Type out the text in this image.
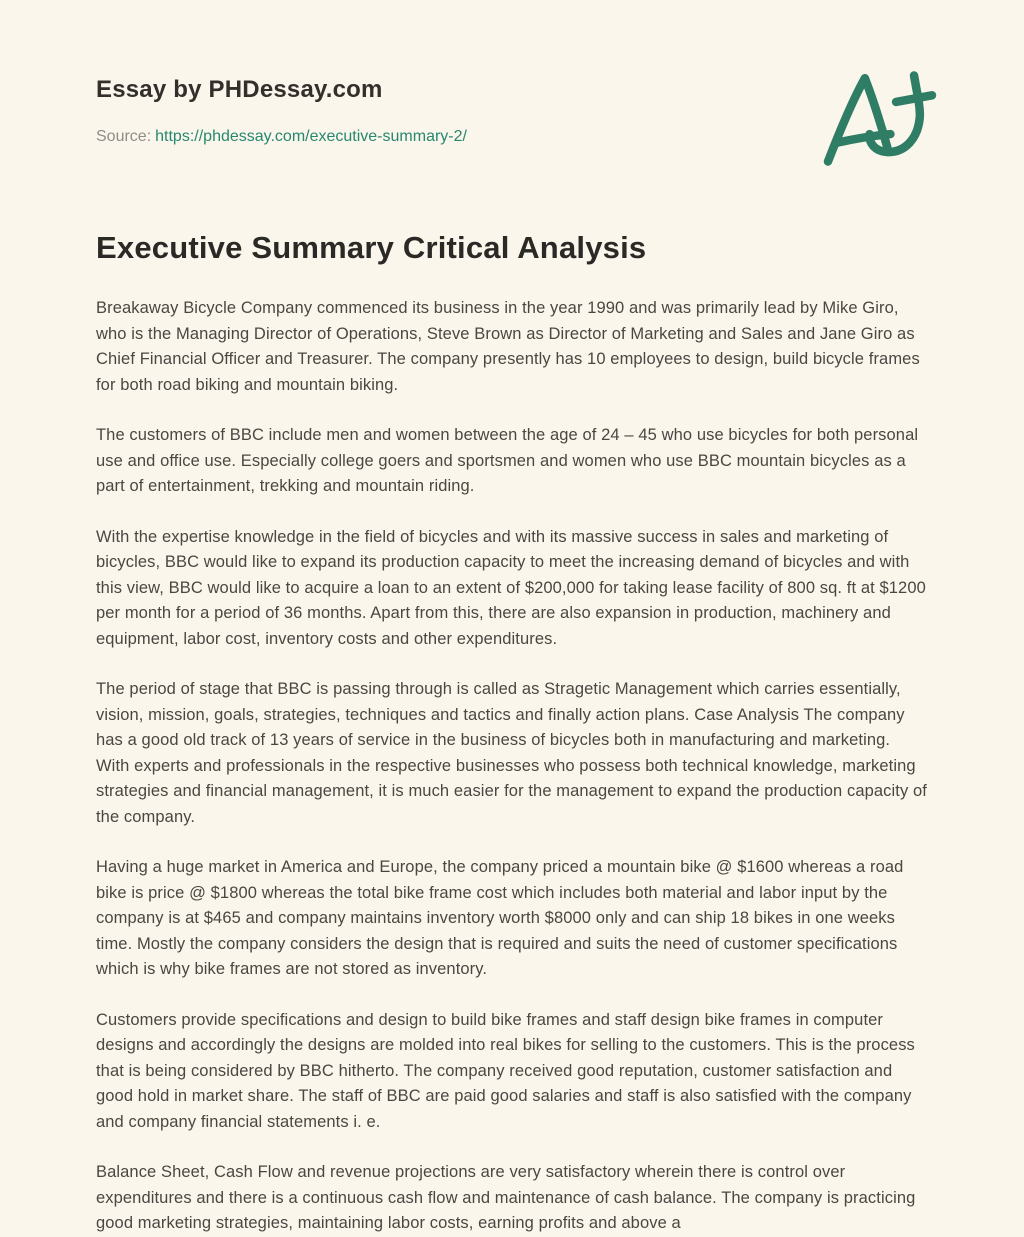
Essay by PHDessay.com
Source: https://phdessay.com/executive-summary-2/
Executive Summary Critical Analysis

Breakaway Bicycle Company commenced its business in the year 1990 and was primarily lead by Mike Giro, who is the Managing Director of Operations, Steve Brown as Director of Marketing and Sales and Jane Giro as Chief Financial Officer and Treasurer. The company presently has 10 employees to design, build bicycle frames for both road biking and mountain biking.

The customers of BBC include men and women between the age of 24 – 45 who use bicycles for both personal use and office use. Especially college goers and sportsmen and women who use BBC mountain bicycles as a part of entertainment, trekking and mountain riding.

With the expertise knowledge in the field of bicycles and with its massive success in sales and marketing of bicycles, BBC would like to expand its production capacity to meet the increasing demand of bicycles and with this view, BBC would like to acquire a loan to an extent of $200,000 for taking lease facility of 800 sq. ft at $1200 per month for a period of 36 months. Apart from this, there are also expansion in production, machinery and equipment, labor cost, inventory costs and other expenditures.

The period of stage that BBC is passing through is called as Stragetic Management which carries essentially, vision, mission, goals, strategies, techniques and tactics and finally action plans. Case Analysis The company has a good old track of 13 years of service in the business of bicycles both in manufacturing and marketing. With experts and professionals in the respective businesses who possess both technical knowledge, marketing strategies and financial management, it is much easier for the management to expand the production capacity of the company.

Having a huge market in America and Europe, the company priced a mountain bike @ $1600 whereas a road bike is price @ $1800 whereas the total bike frame cost which includes both material and labor input by the company is at $465 and company maintains inventory worth $8000 only and can ship 18 bikes in one weeks time. Mostly the company considers the design that is required and suits the need of customer specifications which is why bike frames are not stored as inventory.

Customers provide specifications and design to build bike frames and staff design bike frames in computer designs and accordingly the designs are molded into real bikes for selling to the customers. This is the process that is being considered by BBC hitherto. The company received good reputation, customer satisfaction and good hold in market share. The staff of BBC are paid good salaries and staff is also satisfied with the company and company financial statements i. e.

Balance Sheet, Cash Flow and revenue projections are very satisfactory wherein there is control over expenditures and there is a continuous cash flow and maintenance of cash balance. The company is practicing good marketing strategies, maintaining labor costs, earning profits and above a
